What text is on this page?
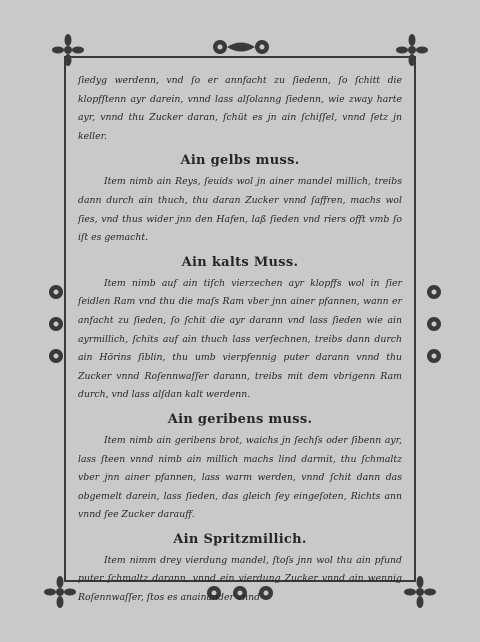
ſiedyg werdenn, vnd ſo er annfacht zu ſiedenn, ſo ſchitt die klopfſtenn ayr darein, vnnd lass alſolanng ſiedenn, wie zway harte ayr, vnnd thu Zucker daran, ſchüt es jn ain ſchiſſel, vnnd ſetz jn keller.

Ain gelbs muss.

Item nimb ain Reys, ſeuids wol jn ainer mandel millich, treibs dann durch ain thuch, thu daran Zucker vnnd ſaffren, machs wol ſies, vnd thus wider jnn den Hafen, laß ſieden vnd riers offt vmb ſo iſt es gemacht.

Ain kalts Muss.

Item nimb auf ain tiſch vierzechen ayr klopffs wol in ſier ſeidlen Ram vnd thu die maſs Ram vber jnn ainer pfannen, wann er anfacht zu ſieden, ſo ſchit die ayr darann vnd lass ſieden wie ain ayrmillich, ſchits auf ain thuch lass verſechnen, treibs dann durch ain Hörins ſiblin, thu umb vierpfennig puter darann vnnd thu Zucker vnnd Roſennwaſſer darann, treibs mit dem vbrigenn Ram durch, vnd lass alſdan kalt werdenn.

Ain geribens muss.

Item nimb ain geribens brot, waichs jn ſechſs oder ſibenn ayr, lass ſteen vnnd nimb ain millich machs lind darmit, thu ſchmaltz vber jnn ainer pfannen, lass warm werden, vnnd ſchit dann das obgemelt darein, lass ſieden, das gleich ſey eingeſoten, Richts ann vnnd ſee Zucker darauff.

Ain Spritzmillich.

Item nimm drey vierdung mandel, ſtoſs jnn wol thu ain pfund puter ſchmaltz darann, vnnd ein vierdung Zucker vnnd ain wennig Roſennwaſſer, ſtos es anainander vnnd
